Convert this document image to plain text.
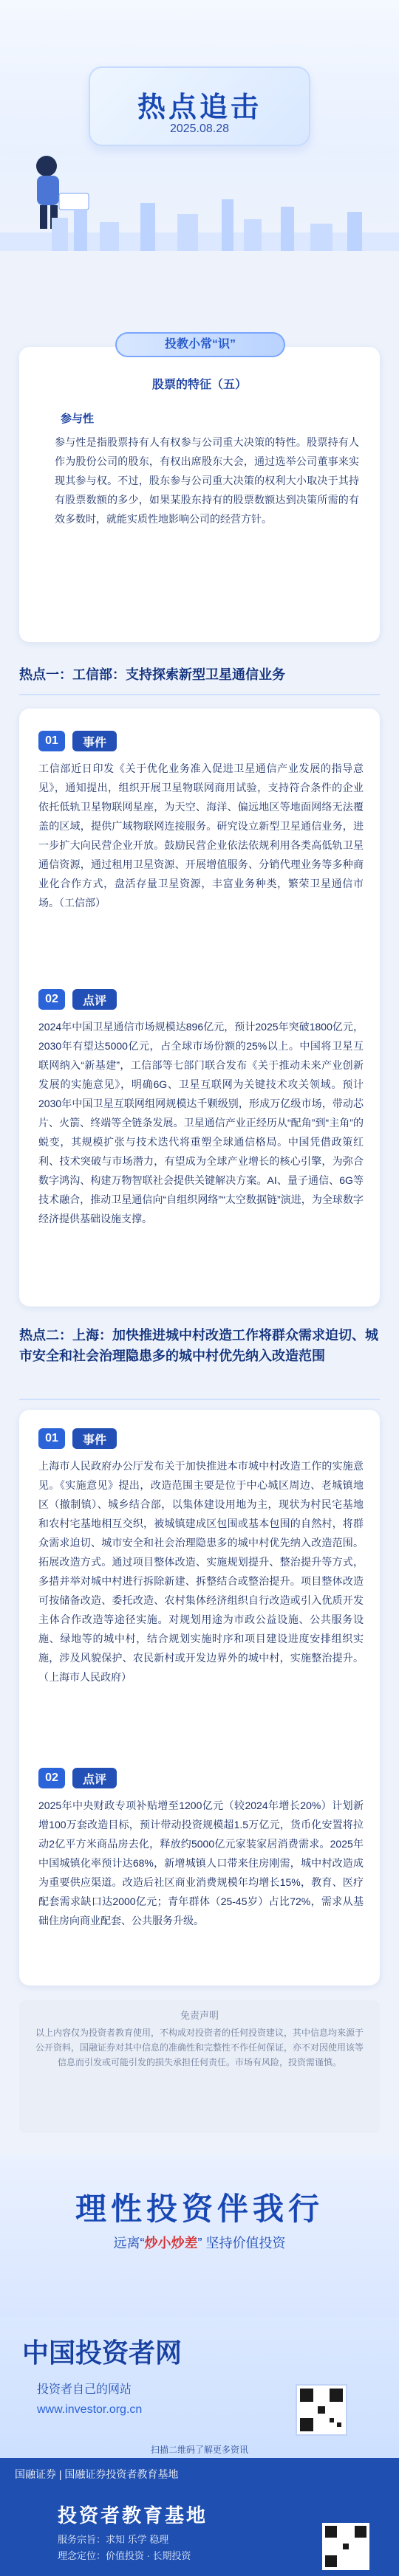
热点追击
2025.08.28
投教小常“识”
股票的特征（五）
参与性
参与性是指股票持有人有权参与公司重大决策的特性。股票持有人作为股份公司的股东，有权出席股东大会，通过选举公司董事来实现其参与权。不过，股东参与公司重大决策的权利大小取决于其持有股票数额的多少，如果某股东持有的股票数额达到决策所需的有效多数时，就能实质性地影响公司的经营方针。
热点一：工信部：支持探索新型卫星通信业务
01	事件
工信部近日印发《关于优化业务准入促进卫星通信产业发展的指导意见》，通知提出，组织开展卫星物联网商用试验，支持符合条件的企业依托低轨卫星物联网星座，为天空、海洋、偏远地区等地面网络无法覆盖的区域，提供广域物联网连接服务。研究设立新型卫星通信业务，进一步扩大向民营企业开放。鼓励民营企业依法依规利用各类高低轨卫星通信资源，通过租用卫星资源、开展增值服务、分销代理业务等多种商业化合作方式，盘活存量卫星资源，丰富业务种类，繁荣卫星通信市场。（工信部）
02	点评
2024年中国卫星通信市场规模达896亿元，预计2025年突破1800亿元，2030年有望达5000亿元，占全球市场份额的25%以上。中国将卫星互联网纳入“新基建”，工信部等七部门联合发布《关于推动未来产业创新发展的实施意见》，明确6G、卫星互联网为关键技术攻关领域。预计2030年中国卫星互联网组网规模达千颗级别，形成万亿级市场，带动芯片、火箭、终端等全链条发展。卫星通信产业正经历从“配角”到“主角”的蜕变，其规模扩张与技术迭代将重塑全球通信格局。中国凭借政策红利、技术突破与市场潜力，有望成为全球产业增长的核心引擎，为弥合数字鸿沟、构建万物智联社会提供关键解决方案。AI、量子通信、6G等技术融合，推动卫星通信向“自组织网络”“太空数据链”演进，为全球数字经济提供基础设施支撑。
热点二：上海：加快推进城中村改造工作将群众需求迫切、城市安全和社会治理隐患多的城中村优先纳入改造范围
01	事件
上海市人民政府办公厅发布关于加快推进本市城中村改造工作的实施意见。《实施意见》提出，改造范围主要是位于中心城区周边、老城镇地区（撤制镇）、城乡结合部，以集体建设用地为主，现状为村民宅基地和农村宅基地相互交织，被城镇建成区包围或基本包围的自然村，将群众需求迫切、城市安全和社会治理隐患多的城中村优先纳入改造范围。拓展改造方式。通过项目整体改造、实施规划提升、整治提升等方式，多措并举对城中村进行拆除新建、拆整结合或整治提升。项目整体改造可按储备改造、委托改造、农村集体经济组织自行改造或引入优质开发主体合作改造等途径实施。对规划用途为市政公益设施、公共服务设施、绿地等的城中村，结合规划实施时序和项目建设进度安排组织实施，涉及风貌保护、农民新村或开发边界外的城中村，实施整治提升。（上海市人民政府）
02	点评
2025年中央财政专项补贴增至1200亿元（较2024年增长20%）计划新增100万套改造目标，预计带动投资规模超1.5万亿元，货币化安置将拉动2亿平方米商品房去化，释放约5000亿元家装家居消费需求。2025年中国城镇化率预计达68%，新增城镇人口带来住房刚需，城中村改造成为重要供应渠道。改造后社区商业消费规模年均增长15%，教育、医疗配套需求缺口达2000亿元；青年群体（25-45岁）占比72%，需求从基础住房向商业配套、公共服务升级。
免责声明
以上内容仅为投资者教育使用，不构成对投资者的任何投资建议，其中信息均来源于公开资料，国融证券对其中信息的准确性和完整性不作任何保证，亦不对因使用该等信息而引发或可能引发的损失承担任何责任。市场有风险，投资需谨慎。
理性投资伴我行
远离“炒小炒差” 坚持价值投资
中国投资者网
投资者自己的网站
www.investor.org.cn
扫描二维码了解更多资讯
国融证券 | 国融证券投资者教育基地
投资者教育基地
服务宗旨：求知 乐学 稳理
理念定位：价值投资 · 长期投资
